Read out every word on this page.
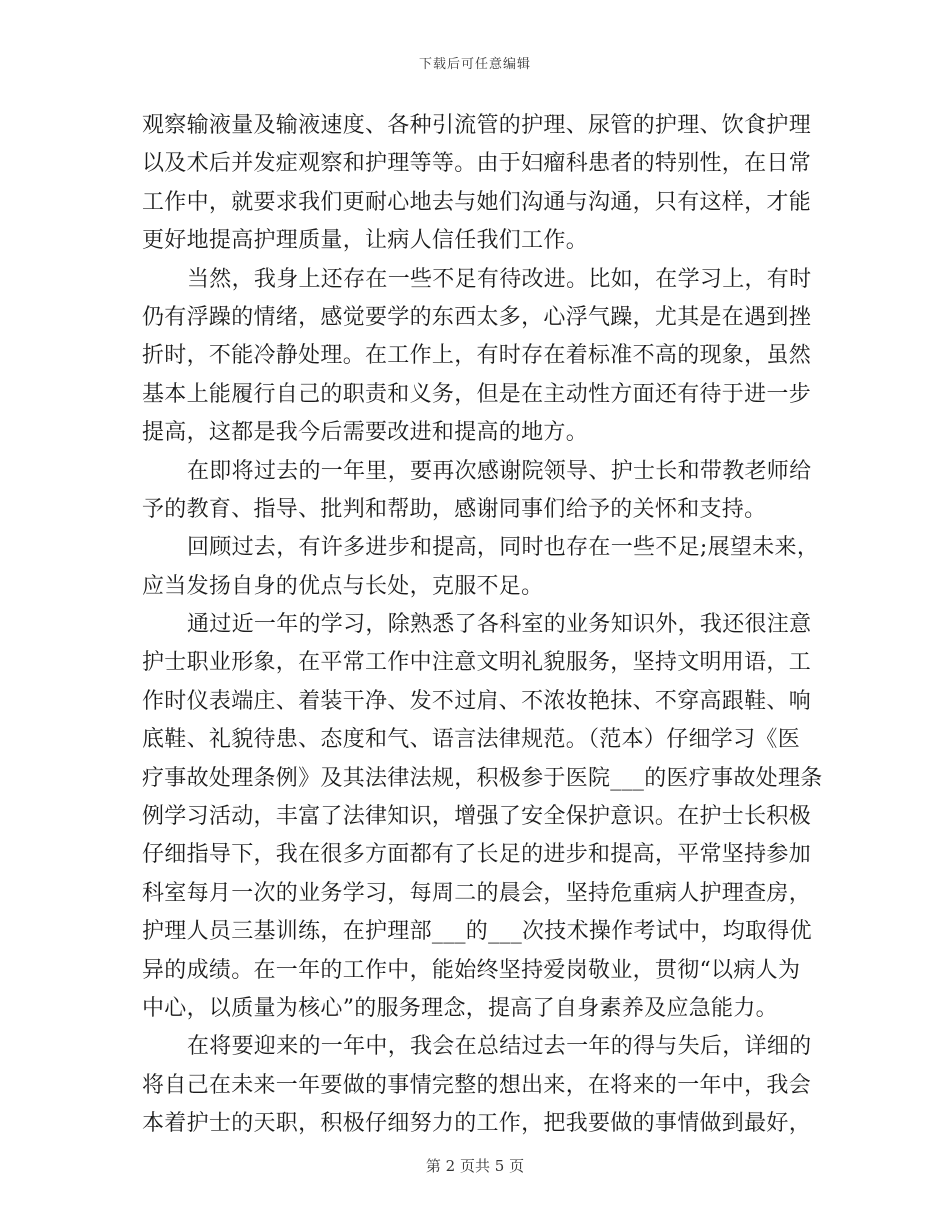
下载后可任意编辑
观察输液量及输液速度、各种引流管的护理、尿管的护理、饮食护理
以及术后并发症观察和护理等等。由于妇瘤科患者的特别性，在日常
工作中，就要求我们更耐心地去与她们沟通与沟通，只有这样，才能
更好地提高护理质量，让病人信任我们工作。
当然，我身上还存在一些不足有待改进。比如，在学习上，有时
仍有浮躁的情绪，感觉要学的东西太多，心浮气躁，尤其是在遇到挫
折时，不能冷静处理。在工作上，有时存在着标准不高的现象，虽然
基本上能履行自己的职责和义务，但是在主动性方面还有待于进一步
提高，这都是我今后需要改进和提高的地方。
在即将过去的一年里，要再次感谢院领导、护士长和带教老师给
予的教育、指导、批判和帮助，感谢同事们给予的关怀和支持。
回顾过去，有许多进步和提高，同时也存在一些不足;展望未来，
应当发扬自身的优点与长处，克服不足。
通过近一年的学习，除熟悉了各科室的业务知识外，我还很注意
护士职业形象，在平常工作中注意文明礼貌服务，坚持文明用语，工
作时仪表端庄、着装干净、发不过肩、不浓妆艳抹、不穿高跟鞋、响
底鞋、礼貌待患、态度和气、语言法律规范。（范本）仔细学习《医
疗事故处理条例》及其法律法规，积极参于医院___的医疗事故处理条
例学习活动，丰富了法律知识，增强了安全保护意识。在护士长积极
仔细指导下，我在很多方面都有了长足的进步和提高，平常坚持参加
科室每月一次的业务学习，每周二的晨会，坚持危重病人护理查房，
护理人员三基训练，在护理部___的___次技术操作考试中，均取得优
异的成绩。在一年的工作中，能始终坚持爱岗敬业，贯彻“以病人为
中心，以质量为核心”的服务理念，提高了自身素养及应急能力。
在将要迎来的一年中，我会在总结过去一年的得与失后，详细的
将自己在未来一年要做的事情完整的想出来，在将来的一年中，我会
本着护士的天职，积极仔细努力的工作，把我要做的事情做到最好，
第 2 页共 5 页
